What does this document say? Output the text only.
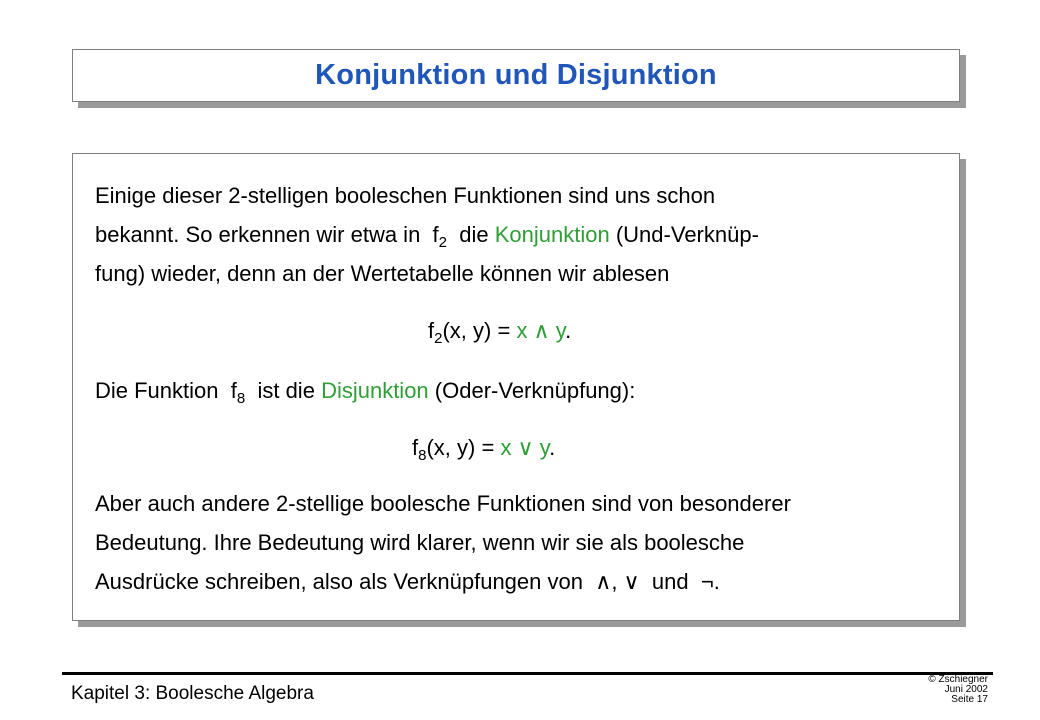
Konjunktion und Disjunktion
Einige dieser 2-stelligen booleschen Funktionen sind uns schon
bekannt. So erkennen wir etwa in $f_2$ die Konjunktion (Und-Verknüp-
fung) wieder, denn an der Wertetabelle können wir ablesen
$f_2(x$, y) = x ∧ y.
Die Funktion $f_8$ ist die Disjunktion (Oder-Verknüpfung):
$f_8(x$, y) = x ∨ y.
Aber auch andere 2-stellige boolesche Funktionen sind von besonderer
Bedeutung. Ihre Bedeutung wird klarer, wenn wir sie als boolesche
Ausdrücke schreiben, also als Verknüpfungen von ∧, ∨ und ¬.
Kapitel 3: Boolesche Algebra
© Zschiegner
Juni 2002
Seite 17
